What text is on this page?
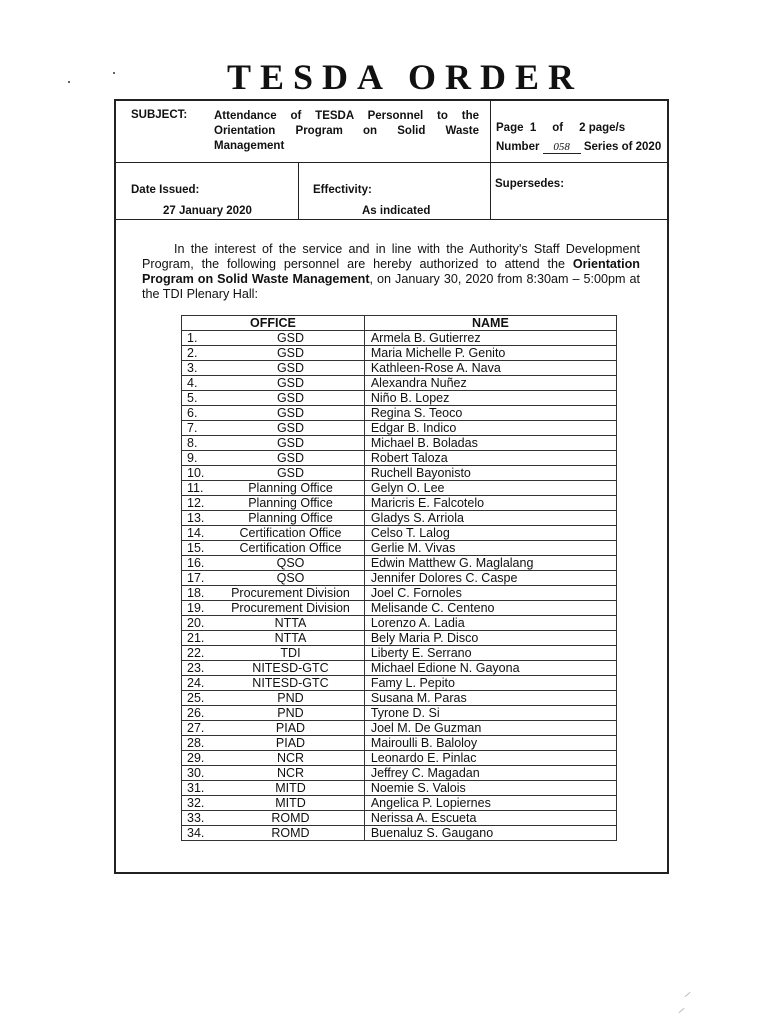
TESDA ORDER
SUBJECT: Attendance of TESDA Personnel to the Orientation Program on Solid Waste Management
Page 1 of 2 page/s
Number 058 Series of 2020
Date Issued:
27 January 2020
Effectivity:
As indicated
Supersedes:
In the interest of the service and in line with the Authority's Staff Development Program, the following personnel are hereby authorized to attend the Orientation Program on Solid Waste Management, on January 30, 2020 from 8:30am – 5:00pm at the TDI Plenary Hall:
OFFICE		NAME
1.	GSD	Armela B. Gutierrez
2.	GSD	Maria Michelle P. Genito
3.	GSD	Kathleen-Rose A. Nava
4.	GSD	Alexandra Nuñez
5.	GSD	Niño B. Lopez
6.	GSD	Regina S. Teoco
7.	GSD	Edgar B. Indico
8.	GSD	Michael B. Boladas
9.	GSD	Robert Taloza
10.	GSD	Ruchell Bayonisto
11.	Planning Office	Gelyn O. Lee
12.	Planning Office	Maricris E. Falcotelo
13.	Planning Office	Gladys S. Arriola
14.	Certification Office	Celso T. Lalog
15.	Certification Office	Gerlie M. Vivas
16.	QSO	Edwin Matthew G. Maglalang
17.	QSO	Jennifer Dolores C. Caspe
18.	Procurement Division	Joel C. Fornoles
19.	Procurement Division	Melisande C. Centeno
20.	NTTA	Lorenzo A. Ladia
21.	NTTA	Bely Maria P. Disco
22.	TDI	Liberty E. Serrano
23.	NITESD-GTC	Michael Edione N. Gayona
24.	NITESD-GTC	Famy L. Pepito
25.	PND	Susana M. Paras
26.	PND	Tyrone D. Si
27.	PIAD	Joel M. De Guzman
28.	PIAD	Mairoulli B. Baloloy
29.	NCR	Leonardo E. Pinlac
30.	NCR	Jeffrey C. Magadan
31.	MITD	Noemie S. Valois
32.	MITD	Angelica P. Lopiernes
33.	ROMD	Nerissa A. Escueta
34.	ROMD	Buenaluz S. Gaugano
